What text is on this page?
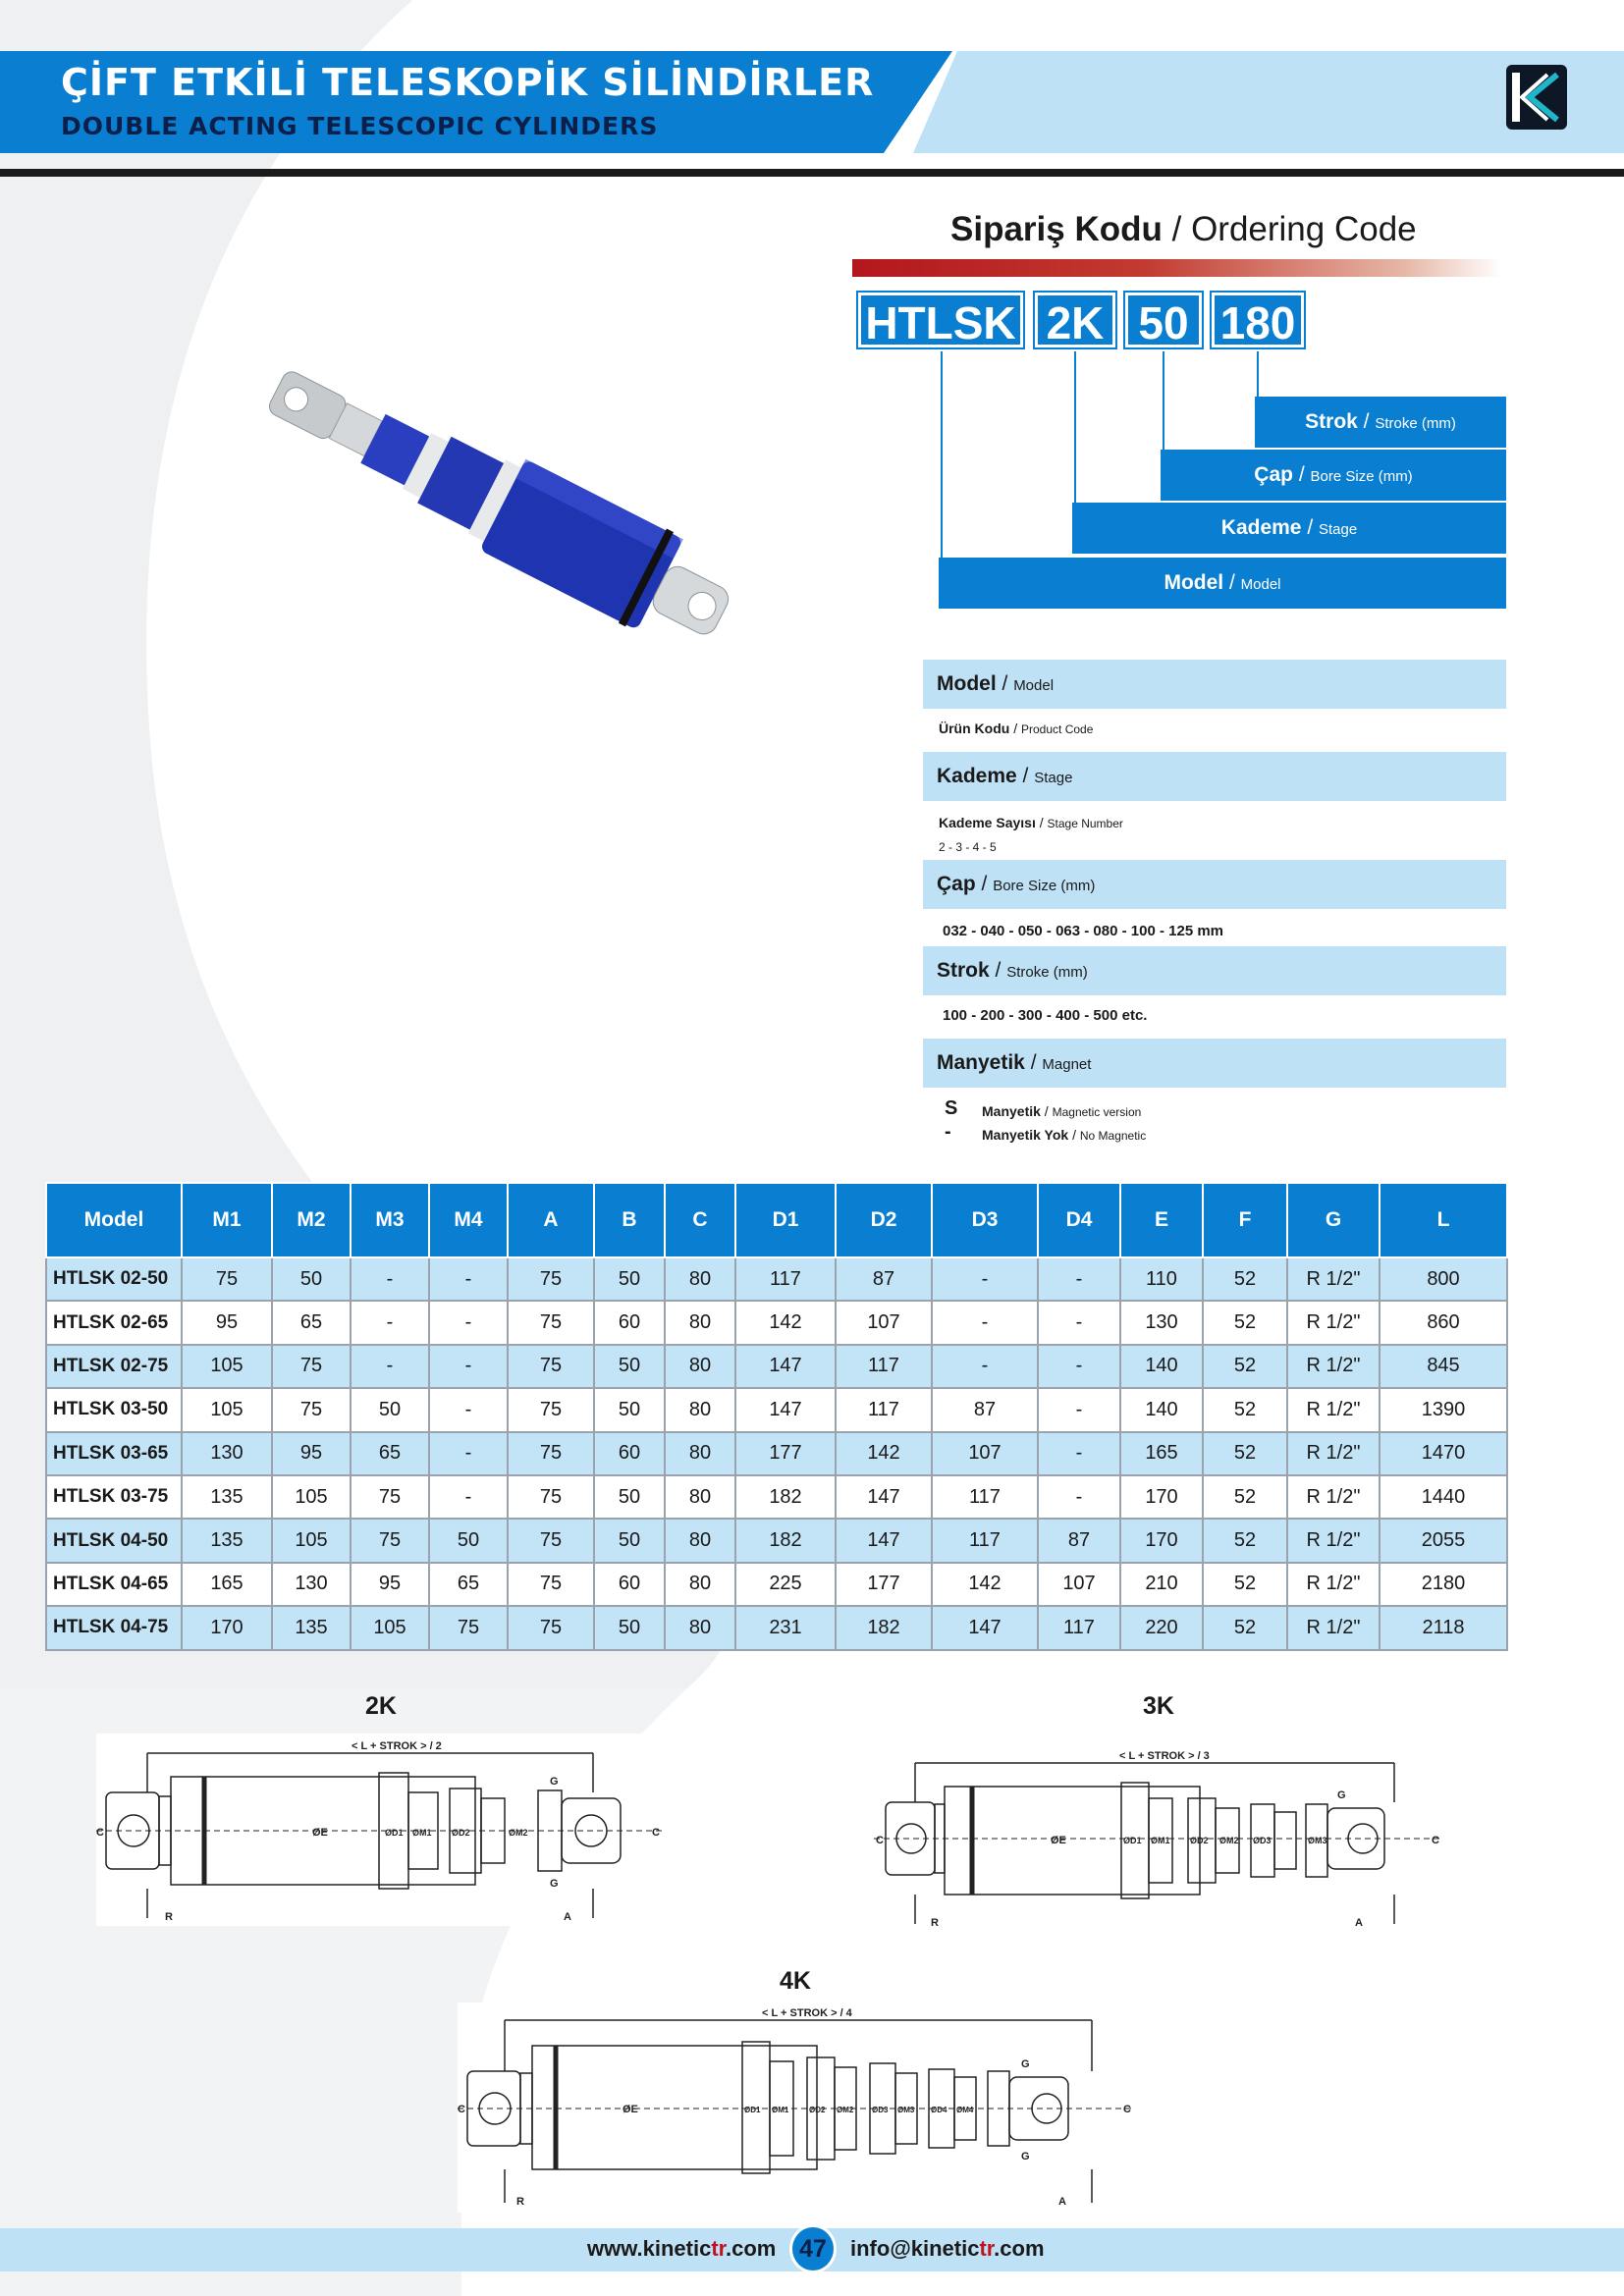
ÇİFT ETKİLİ TELESKOPİK SİLİNDİRLER
DOUBLE ACTING TELESCOPIC CYLINDERS
Sipariş Kodu / Ordering Code
HTLSK 2K 50 180
Strok / Stroke (mm)
Çap / Bore Size (mm)
Kademe / Stage
Model / Model
Model / Model
Ürün Kodu / Product Code
Kademe / Stage
Kademe Sayısı / Stage Number
2 - 3 - 4 - 5
Çap / Bore Size (mm)
032 - 040 - 050 - 063 - 080 - 100 - 125 mm
Strok / Stroke (mm)
100 - 200 - 300 - 400 - 500 etc.
Manyetik / Magnet
S Manyetik / Magnetic version
- Manyetik Yok / No Magnetic
Model	M1	M2	M3	M4	A	B	C	D1	D2	D3	D4	E	F	G	L
HTLSK 02-50	75	50	-	-	75	50	80	117	87	-	-	110	52	R 1/2"	800
HTLSK 02-65	95	65	-	-	75	60	80	142	107	-	-	130	52	R 1/2"	860
HTLSK 02-75	105	75	-	-	75	50	80	147	117	-	-	140	52	R 1/2"	845
HTLSK 03-50	105	75	50	-	75	50	80	147	117	87	-	140	52	R 1/2"	1390
HTLSK 03-65	130	95	65	-	75	60	80	177	142	107	-	165	52	R 1/2"	1470
HTLSK 03-75	135	105	75	-	75	50	80	182	147	117	-	170	52	R 1/2"	1440
HTLSK 04-50	135	105	75	50	75	50	80	182	147	117	87	170	52	R 1/2"	2055
HTLSK 04-65	165	130	95	65	75	60	80	225	177	142	107	210	52	R 1/2"	2180
HTLSK 04-75	170	135	105	75	75	50	80	231	182	147	117	220	52	R 1/2"	2118
2K	3K
4K
< L + STROK > / 2
C	C
R	A
G
G
ØE	ØD1 ØM1 ØD2	ØM2
< L + STROK > / 3
C	C
R	A
G
ØE	ØD1 ØM1 ØD2 ØM2 ØD3	ØM3
< L + STROK > / 4
C	C
R	A
G
G
ØE	ØD1 ØM1	ØD2 ØM2 ØD3 ØM3 ØD4 ØM4
www.kinetictr.com 47	info@kinetictr.com
